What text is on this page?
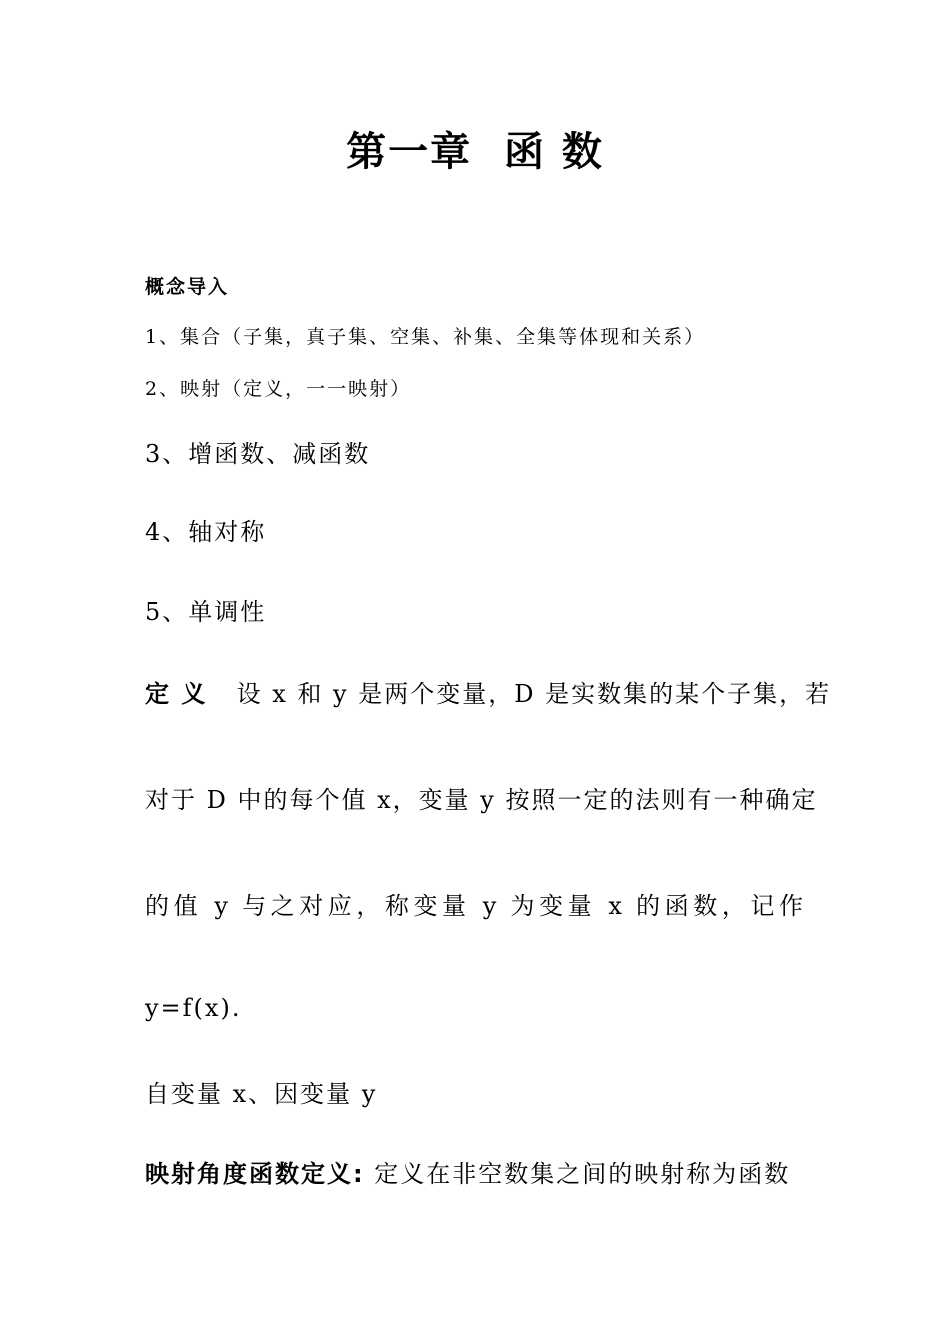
第一章  函 数
概念导入
1、集合（子集，真子集、空集、补集、全集等体现和关系）
2、映射（定义，一一映射）
3、增函数、减函数
4、轴对称
5、单调性
定 义 设 x 和 y 是两个变量，D 是实数集的某个子集，若
对于 D 中的每个值 x，变量 y 按照一定的法则有一种确定
的值 y 与之对应，称变量 y 为变量 x 的函数，记作
y=f(x).
自变量 x、因变量 y
映射角度函数定义: 定义在非空数集之间的映射称为函数
